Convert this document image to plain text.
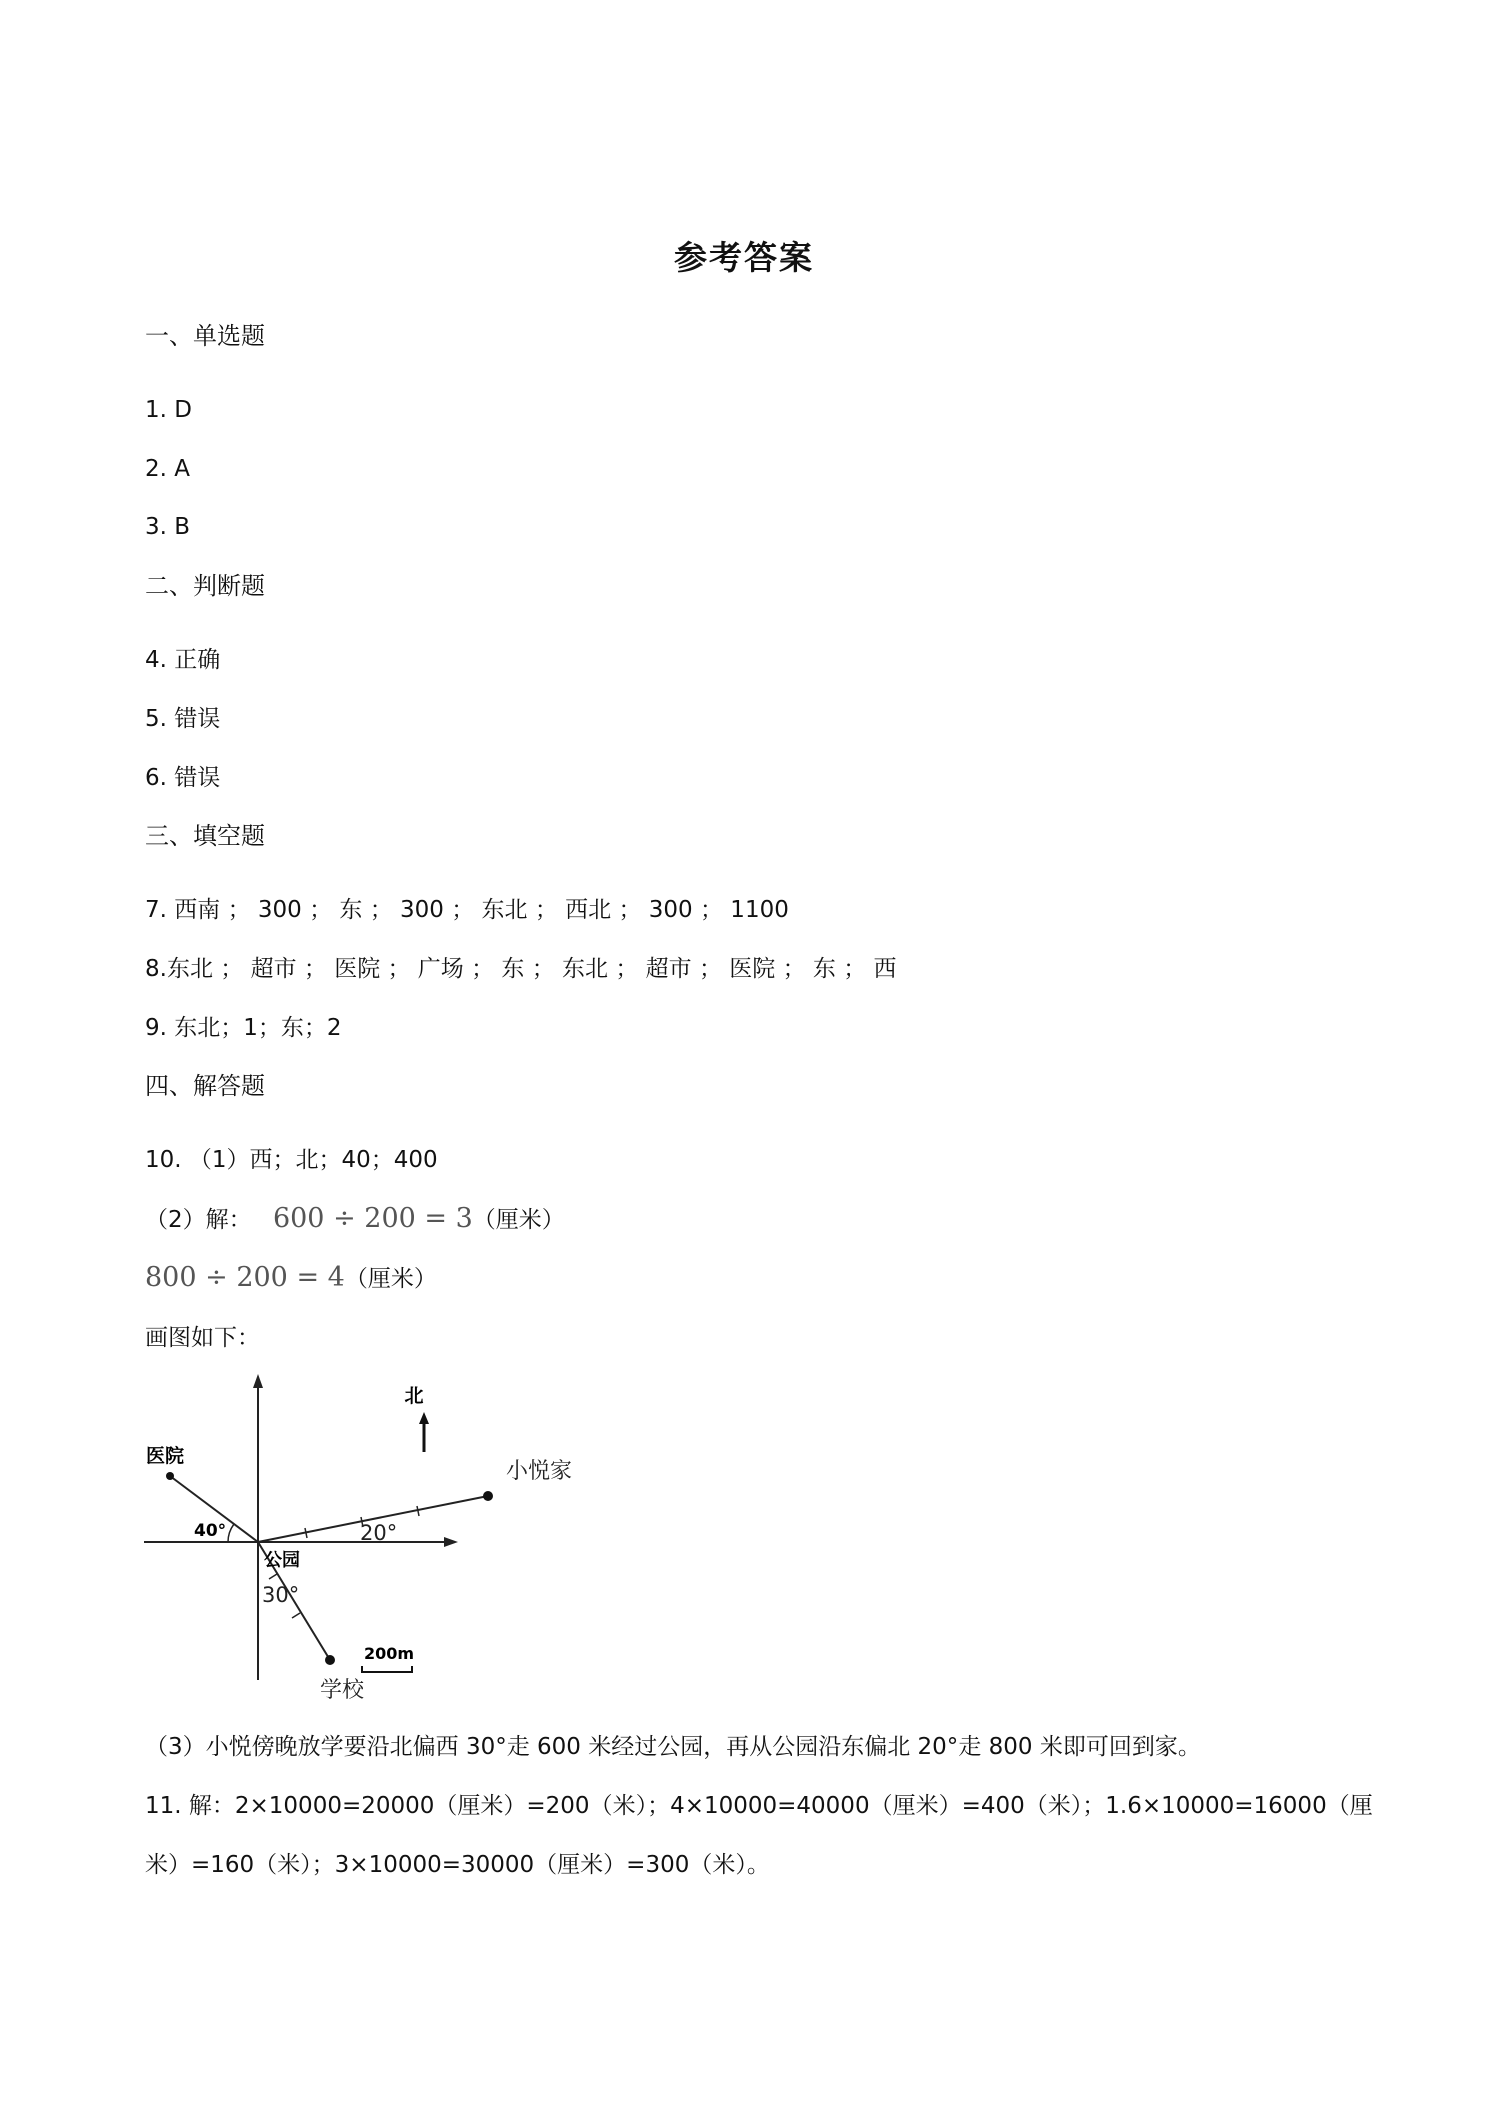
参考答案
一、单选题
1. D
2. A
3. B
二、判断题
4. 正确
5. 错误
6. 错误
三、填空题
7. 西南 ； 300 ； 东 ； 300 ； 东北 ； 西北 ； 300 ； 1100
8.东北 ； 超市 ； 医院 ； 广场 ； 东 ； 东北 ； 超市 ； 医院 ； 东 ； 西
9. 东北；1；东；2
四、解答题
10. （1）西；北；40；400
（2）解： 600 ÷ 200 = 3（厘米）
800 ÷ 200 = 4（厘米）
画图如下：
北
医院
40°
小悦家
20°
学校
30°
公园
200m
（3）小悦傍晚放学要沿北偏西 30°走 600 米经过公园，再从公园沿东偏北 20°走 800 米即可回到家。
11. 解：2×10000=20000（厘米）=200（米）；4×10000=40000（厘米）=400（米）；1.6×10000=16000（厘
米）=160（米）；3×10000=30000（厘米）=300（米）。
